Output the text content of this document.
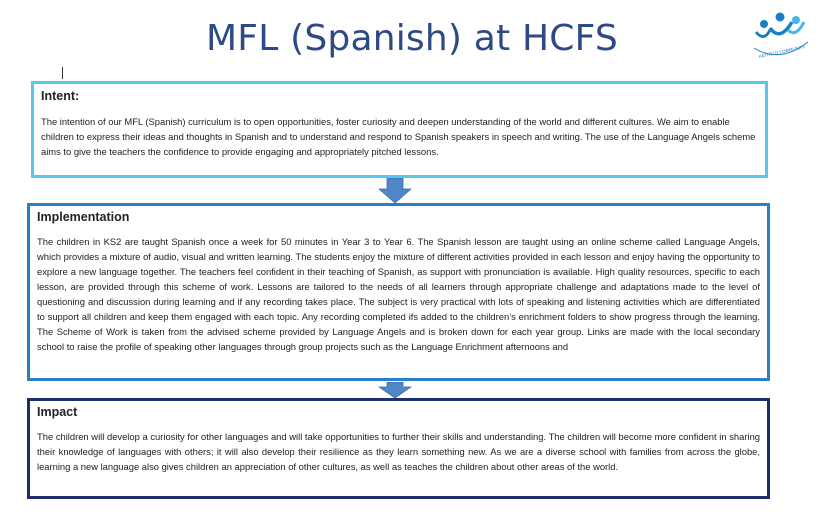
MFL (Spanish) at HCFS	HATFIELD COMMUNITY
Intent:

The intention of our MFL (Spanish) curriculum is to open opportunities, foster curiosity and deepen understanding of the world and different cultures. We aim to enable children to express their ideas and thoughts in Spanish and to understand and respond to Spanish speakers in speech and writing. The use of the Language Angels scheme aims to give the teachers the confidence to provide engaging and appropriately pitched lessons.

Implementation

The children in KS2 are taught Spanish once a week for 50 minutes in Year 3 to Year 6. The Spanish lesson are taught using an online scheme called Language Angels, which provides a mixture of audio, visual and written learning. The students enjoy the mixture of different activities provided in each lesson and enjoy having the opportunity to explore a new language together. The teachers feel confident in their teaching of Spanish, as support with pronunciation is available. High quality resources, specific to each lesson, are provided through this scheme of work. Lessons are tailored to the needs of all learners through appropriate challenge and adaptations made to the level of questioning and discussion during learning and if any recording takes place. The subject is very practical with lots of speaking and listening activities which are differentiated to support all children and keep them engaged with each topic. Any recording completed ifs added to the children’s enrichment folders to show progress through the learning. The Scheme of Work is taken from the advised scheme provided by Language Angels and is broken down for each year group. Links are made with the local secondary school to raise the profile of speaking other languages through group projects such as the Language Enrichment afternoons and

Impact

The children will develop a curiosity for other languages and will take opportunities to further their skills and understanding. The children will become more confident in sharing their knowledge of languages with others; it will also develop their resilience as they learn something new. As we are a diverse school with families from across the globe, learning a new language also gives children an appreciation of other cultures, as well as teaches the children about other areas of the world.
